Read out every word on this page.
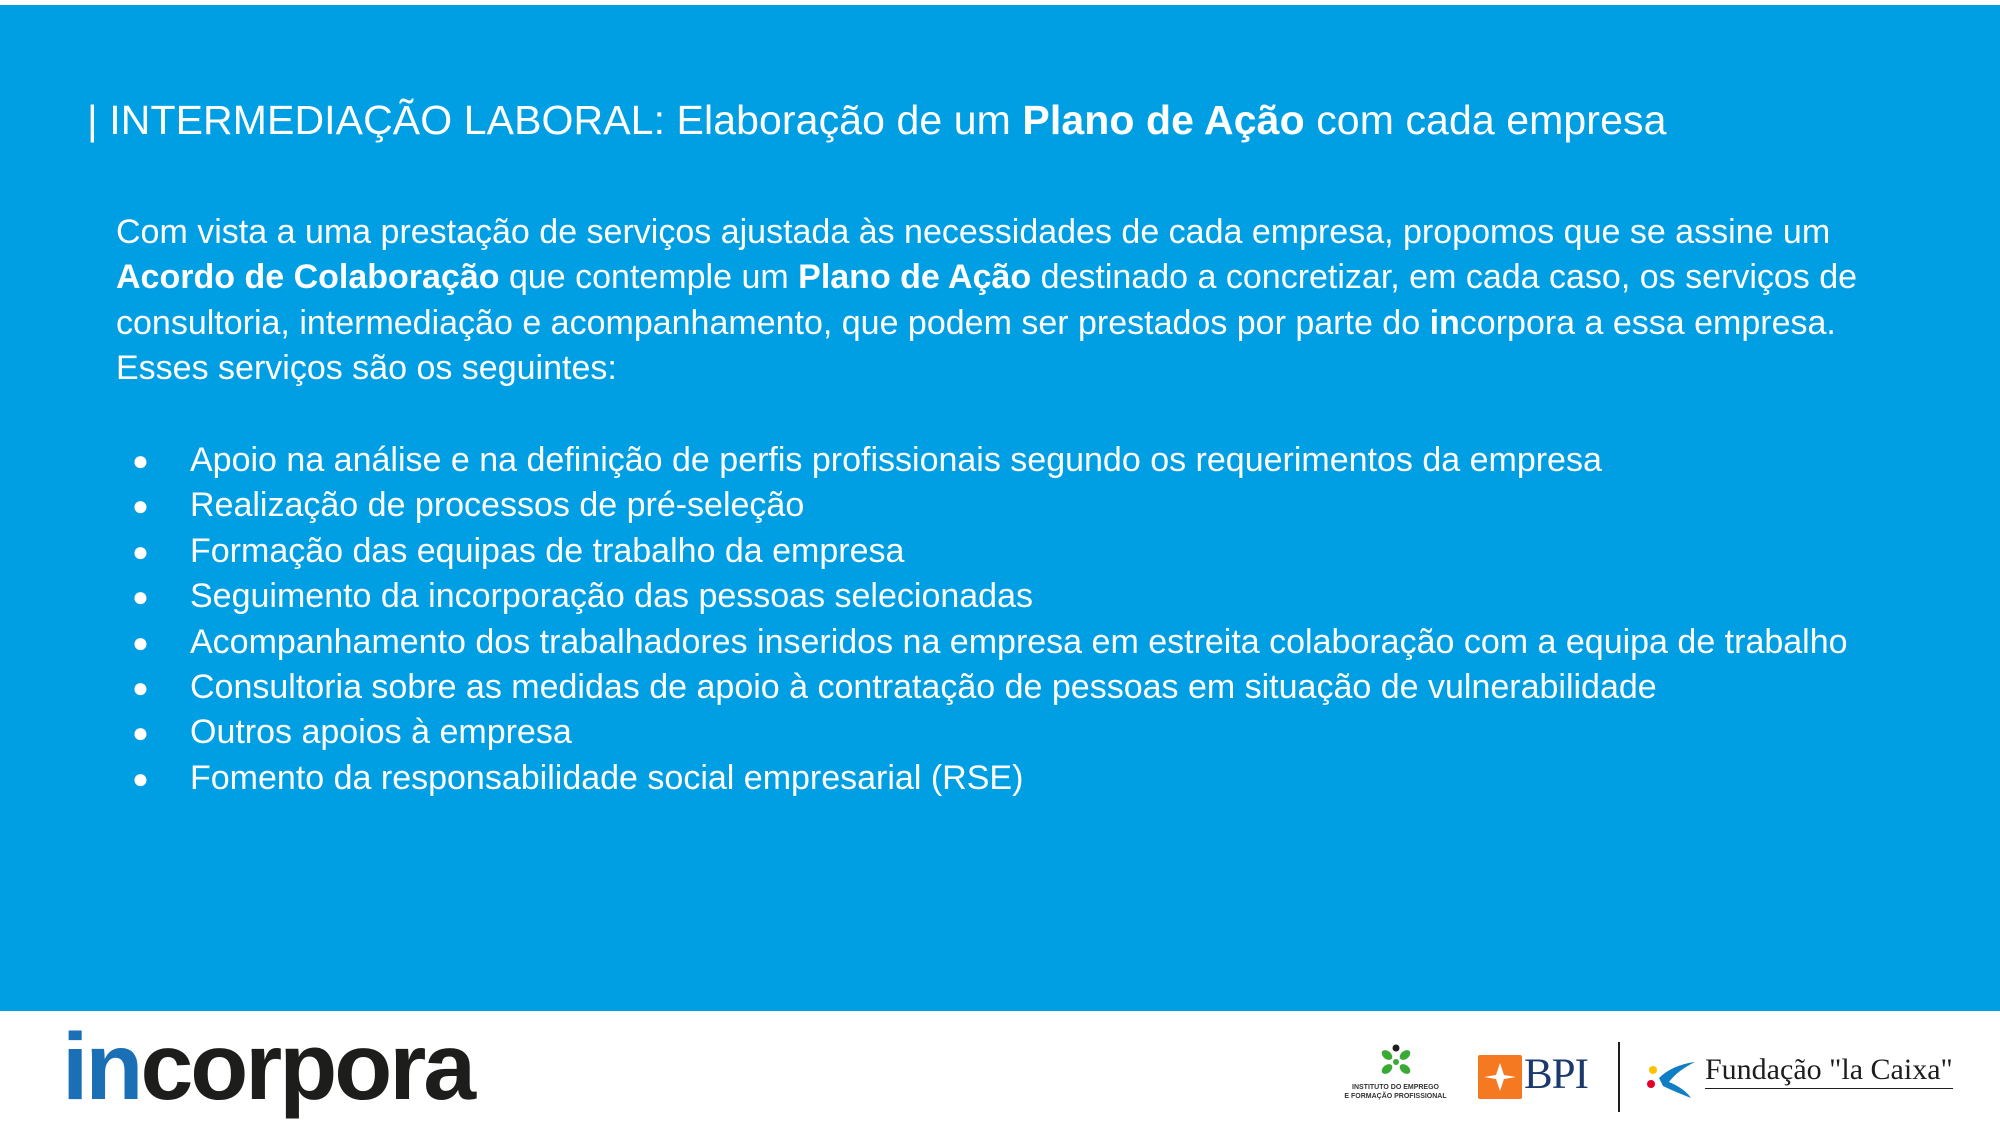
| INTERMEDIAÇÃO LABORAL: Elaboração de um Plano de Ação com cada empresa

Com vista a uma prestação de serviços ajustada às necessidades de cada empresa, propomos que se assine um Acordo de Colaboração que contemple um Plano de Ação destinado a concretizar, em cada caso, os serviços de consultoria, intermediação e acompanhamento, que podem ser prestados por parte do incorpora a essa empresa. Esses serviços são os seguintes:

● Apoio na análise e na definição de perfis profissionais segundo os requerimentos da empresa
● Realização de processos de pré-seleção
● Formação das equipas de trabalho da empresa
● Seguimento da incorporação das pessoas selecionadas
● Acompanhamento dos trabalhadores inseridos na empresa em estreita colaboração com a equipa de trabalho
● Consultoria sobre as medidas de apoio à contratação de pessoas em situação de vulnerabilidade
● Outros apoios à empresa
● Fomento da responsabilidade social empresarial (RSE)

incorpora	INSTITUTO DO EMPREGO
E FORMAÇÃO PROFISSIONAL BPI	Fundação "la Caixa"
